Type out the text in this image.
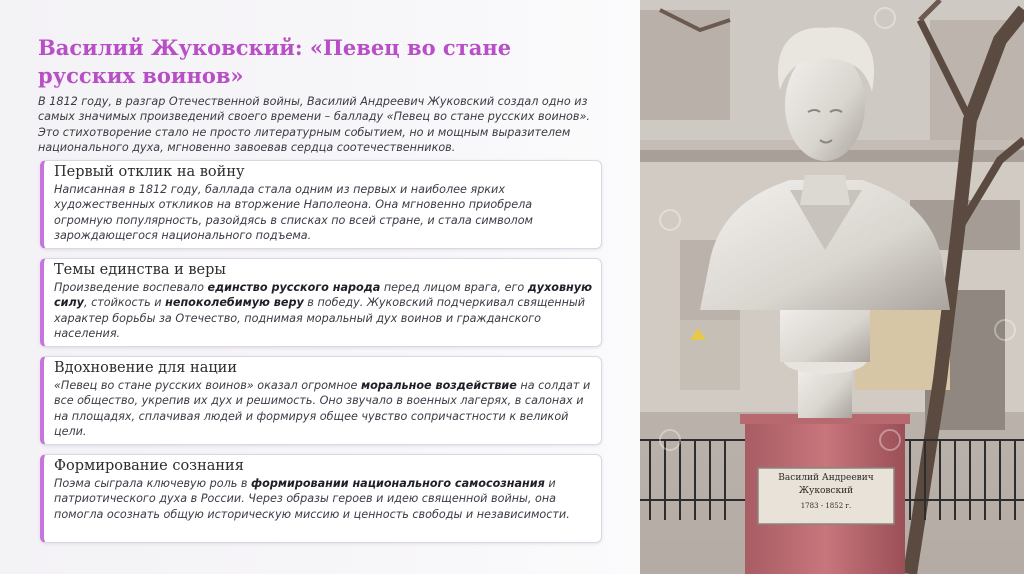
Василий Жуковский: «Певец во стане русских воинов»

В 1812 году, в разгар Отечественной войны, Василий Андреевич Жуковский создал одно из самых значимых произведений своего времени – балладу «Певец во стане русских воинов». Это стихотворение стало не просто литературным событием, но и мощным выразителем национального духа, мгновенно завоевав сердца соотечественников.

Первый отклик на войну
Написанная в 1812 году, баллада стала одним из первых и наиболее ярких художественных откликов на вторжение Наполеона. Она мгновенно приобрела огромную популярность, разойдясь в списках по всей стране, и стала символом зарождающегося национального подъема.
Темы единства и веры
Произведение воспевало единство русского народа перед лицом врага, его духовную силу, стойкость и непоколебимую веру в победу. Жуковский подчеркивал священный характер борьбы за Отечество, поднимая моральный дух воинов и гражданского населения.
Вдохновение для нации
«Певец во стане русских воинов» оказал огромное моральное воздействие на солдат и все общество, укрепив их дух и решимость. Оно звучало в военных лагерях, в салонах и на площадях, сплачивая людей и формируя общее чувство сопричастности к великой цели.
Формирование сознания
Поэма сыграла ключевую роль в формировании национального самосознания и патриотического духа в России. Через образы героев и идею священной войны, она помогла осознать общую историческую миссию и ценность свободы и независимости.
Василий Андреевич
Жуковский
1783 - 1852 г.
